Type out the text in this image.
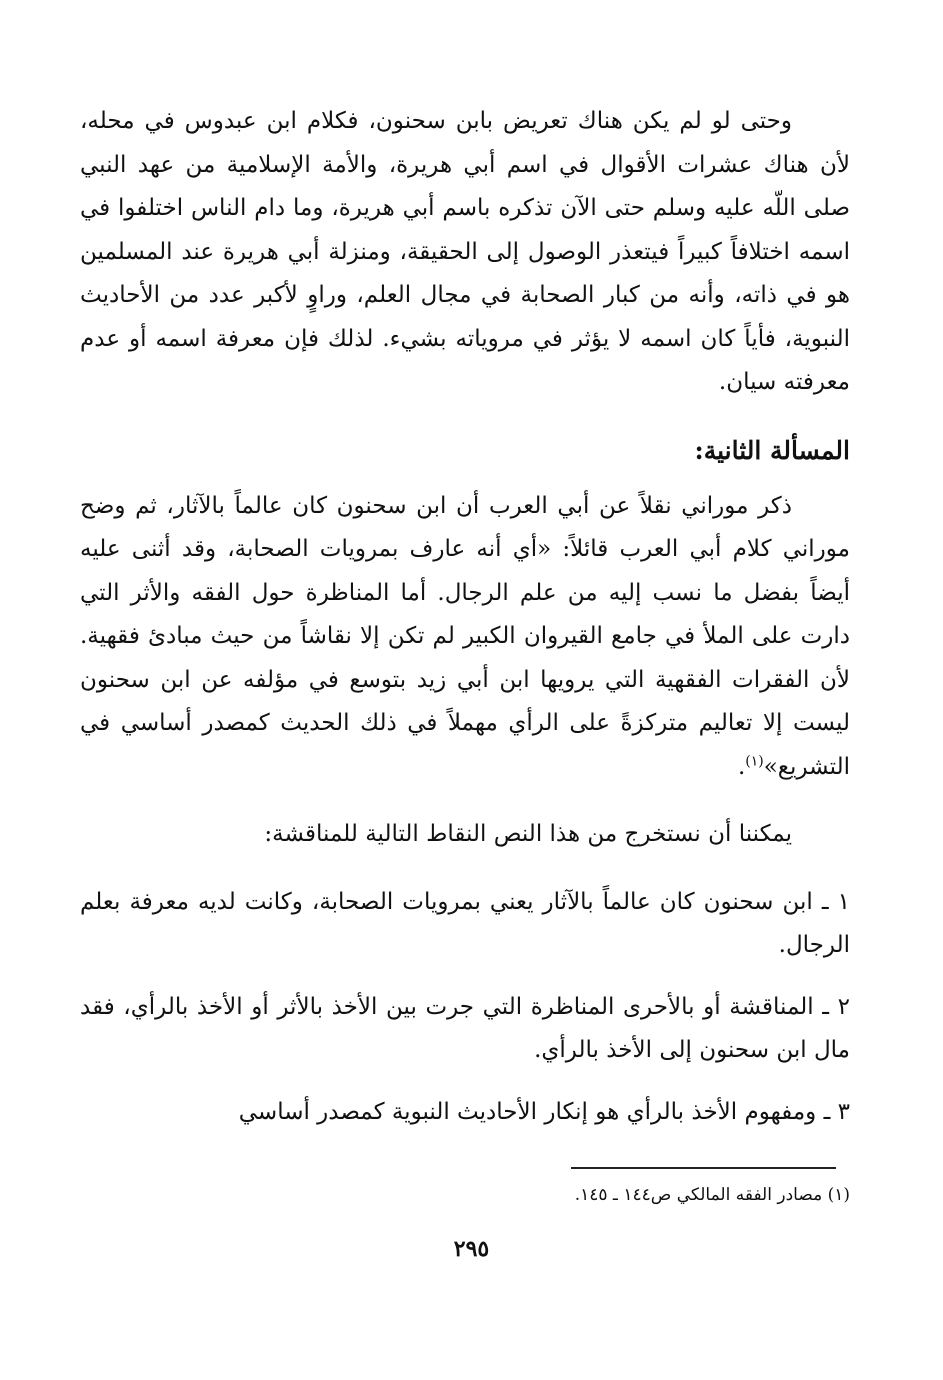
وحتى لو لم يكن هناك تعريض بابن سحنون، فكلام ابن عبدوس في محله، لأن هناك عشرات الأقوال في اسم أبي هريرة، والأمة الإسلامية من عهد النبي صلى اللّه عليه وسلم حتى الآن تذكره باسم أبي هريرة، وما دام الناس اختلفوا في اسمه اختلافاً كبيراً فيتعذر الوصول إلى الحقيقة، ومنزلة أبي هريرة عند المسلمين هو في ذاته، وأنه من كبار الصحابة في مجال العلم، وراوٍ لأكبر عدد من الأحاديث النبوية، فأياً كان اسمه لا يؤثر في مروياته بشيء. لذلك فإن معرفة اسمه أو عدم معرفته سيان.

المسألة الثانية:

ذكر موراني نقلاً عن أبي العرب أن ابن سحنون كان عالماً بالآثار، ثم وضح موراني كلام أبي العرب قائلاً: «أي أنه عارف بمرويات الصحابة، وقد أثنى عليه أيضاً بفضل ما نسب إليه من علم الرجال. أما المناظرة حول الفقه والأثر التي دارت على الملأ في جامع القيروان الكبير لم تكن إلا نقاشاً من حيث مبادئ فقهية. لأن الفقرات الفقهية التي يرويها ابن أبي زيد بتوسع في مؤلفه عن ابن سحنون ليست إلا تعاليم متركزةً على الرأي مهملاً في ذلك الحديث كمصدر أساسي في التشريع»$^{(١)}$.

يمكننا أن نستخرج من هذا النص النقاط التالية للمناقشة:

١ ـ ابن سحنون كان عالماً بالآثار يعني بمرويات الصحابة، وكانت لديه معرفة بعلم الرجال.

٢ ـ المناقشة أو بالأحرى المناظرة التي جرت بين الأخذ بالأثر أو الأخذ بالرأي، فقد مال ابن سحنون إلى الأخذ بالرأي.

٣ ـ ومفهوم الأخذ بالرأي هو إنكار الأحاديث النبوية كمصدر أساسي

(١) مصادر الفقه المالكي ص١٤٤ ـ ١٤٥.

٢٩٥
